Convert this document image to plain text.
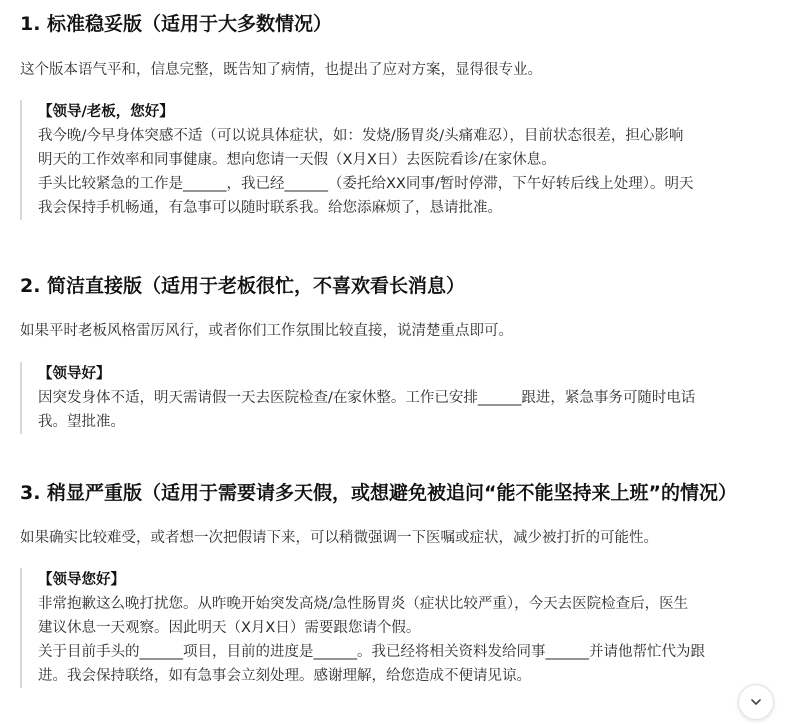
1. 标准稳妥版（适用于大多数情况）

这个版本语气平和，信息完整，既告知了病情，也提出了应对方案，显得很专业。

【领导/老板，您好】
我今晚/今早身体突感不适（可以说具体症状，如：发烧/肠胃炎/头痛难忍），目前状态很差，担心影响
明天的工作效率和同事健康。想向您请一天假（X月X日）去医院看诊/在家休息。
手头比较紧急的工作是______，我已经______（委托给XX同事/暂时停滞，下午好转后线上处理）。明天
我会保持手机畅通，有急事可以随时联系我。给您添麻烦了，恳请批准。
2. 简洁直接版（适用于老板很忙，不喜欢看长消息）

如果平时老板风格雷厉风行，或者你们工作氛围比较直接，说清楚重点即可。

【领导好】
因突发身体不适，明天需请假一天去医院检查/在家休整。工作已安排______跟进，紧急事务可随时电话
我。望批准。
3. 稍显严重版（适用于需要请多天假，或想避免被追问“能不能坚持来上班”的情况）

如果确实比较难受，或者想一次把假请下来，可以稍微强调一下医嘱或症状，减少被打折的可能性。

【领导您好】
非常抱歉这么晚打扰您。从昨晚开始突发高烧/急性肠胃炎（症状比较严重），今天去医院检查后，医生
建议休息一天观察。因此明天（X月X日）需要跟您请个假。
关于目前手头的______项目，目前的进度是______。我已经将相关资料发给同事______并请他帮忙代为跟
进。我会保持联络，如有急事会立刻处理。感谢理解，给您造成不便请见谅。
